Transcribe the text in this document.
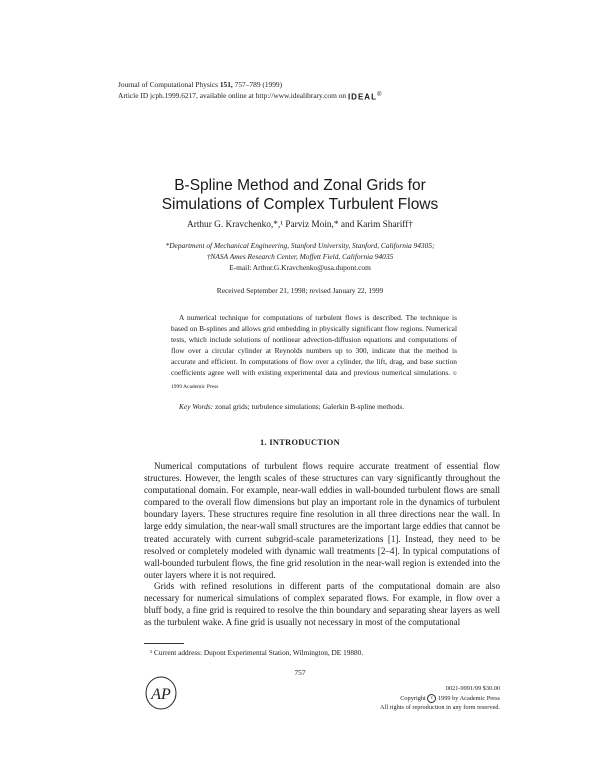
Journal of Computational Physics 151, 757–789 (1999)
Article ID jcph.1999.6217, available online at http://www.idealibrary.com on IDEAL®
B-Spline Method and Zonal Grids for
Simulations of Complex Turbulent Flows
Arthur G. Kravchenko,*,¹ Parviz Moin,* and Karim Shariff†
*Department of Mechanical Engineering, Stanford University, Stanford, California 94305;
†NASA Ames Research Center, Moffett Field, California 94035
E-mail: Arthur.G.Kravchenko@usa.dupont.com
Received September 21, 1998; revised January 22, 1999
A numerical technique for computations of turbulent flows is described. The technique is based on B-splines and allows grid embedding in physically significant flow regions. Numerical tests, which include solutions of nonlinear advection-diffusion equations and computations of flow over a circular cylinder at Reynolds numbers up to 300, indicate that the method is accurate and efficient. In computations of flow over a cylinder, the lift, drag, and base suction coefficients agree well with existing experimental data and previous numerical simulations. © 1999 Academic Press
Key Words: zonal grids; turbulence simulations; Galerkin B-spline methods.
1. INTRODUCTION
Numerical computations of turbulent flows require accurate treatment of essential flow structures. However, the length scales of these structures can vary significantly throughout the computational domain. For example, near-wall eddies in wall-bounded turbulent flows are small compared to the overall flow dimensions but play an important role in the dynamics of turbulent boundary layers. These structures require fine resolution in all three directions near the wall. In large eddy simulation, the near-wall small structures are the important large eddies that cannot be treated accurately with current subgrid-scale parameterizations [1]. Instead, they need to be resolved or completely modeled with dynamic wall treatments [2–4]. In typical computations of wall-bounded turbulent flows, the fine grid resolution in the near-wall region is extended into the outer layers where it is not required.
Grids with refined resolutions in different parts of the computational domain are also necessary for numerical simulations of complex separated flows. For example, in flow over a bluff body, a fine grid is required to resolve the thin boundary and separating shear layers as well as the turbulent wake. A fine grid is usually not necessary in most of the computational
¹ Current address: Dupont Experimental Station, Wilmington, DE 19880.
757
AP	0021-9991/99 $30.00
Copyright c 1999 by Academic Press
All rights of reproduction in any form reserved.
